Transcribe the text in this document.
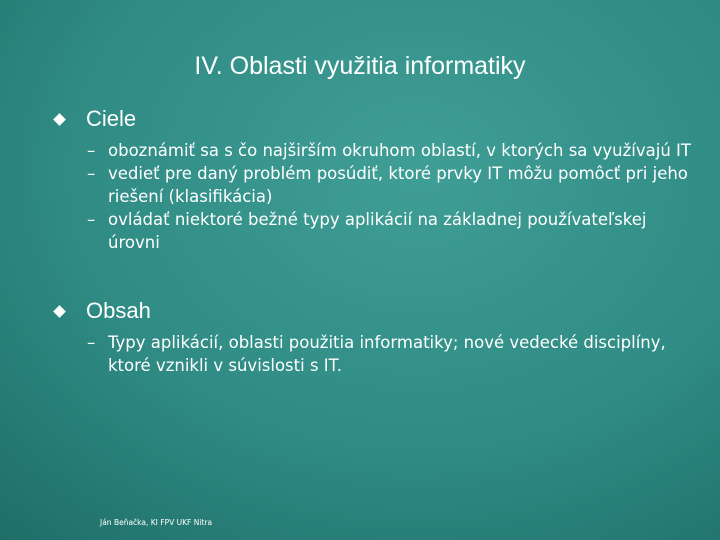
IV. Oblasti využitia informatiky
Ciele
– oboznámiť sa s čo najširším okruhom oblastí, v ktorých sa využívajú IT
– vedieť pre daný problém posúdiť, ktoré prvky IT môžu pomôcť pri jeho riešení (klasifikácia)
– ovládať niektoré bežné typy aplikácií na základnej používateľskej úrovni
Obsah
– Typy aplikácií, oblasti použitia informatiky; nové vedecké disciplíny, ktoré vznikli v súvislosti s IT.
Ján Beňačka, KI FPV UKF Nitra
